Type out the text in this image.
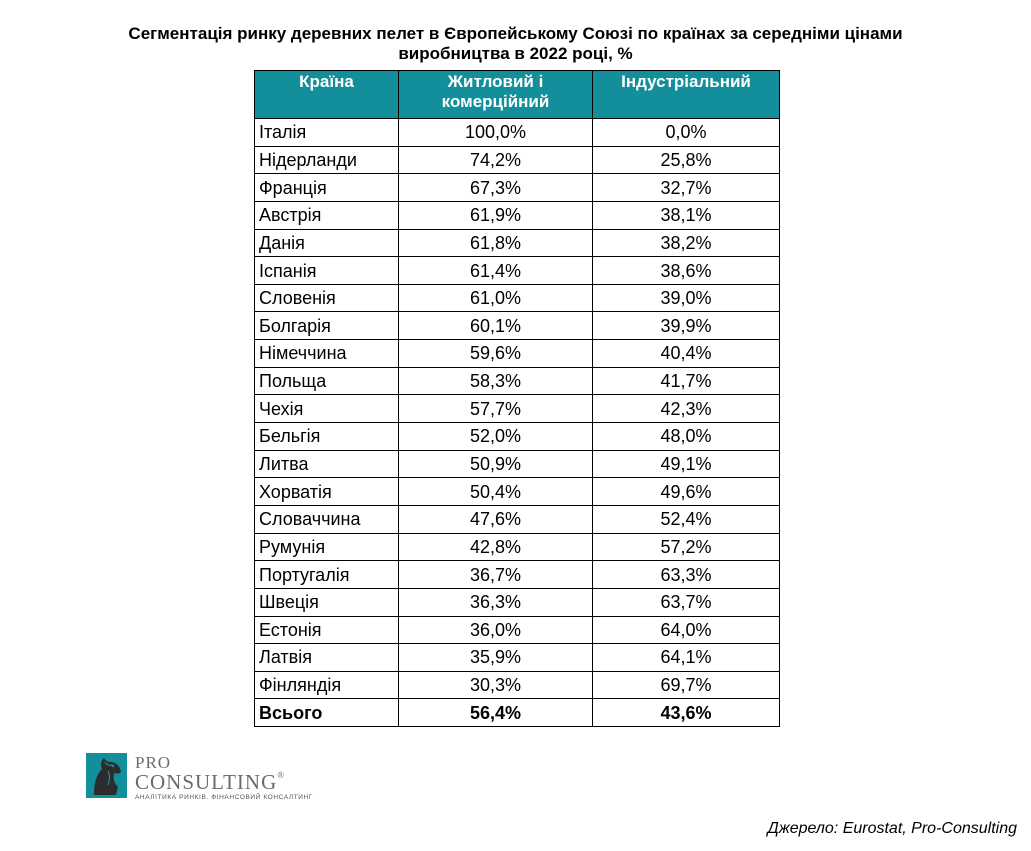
Сегментація ринку деревних пелет в Європейському Союзі по країнах за середніми цінами
виробництва в 2022 році, %
Країна	Житловий і комерційний	Індустріальний
Італія	100,0%	0,0%
Нідерланди	74,2%	25,8%
Франція	67,3%	32,7%
Австрія	61,9%	38,1%
Данія	61,8%	38,2%
Іспанія	61,4%	38,6%
Словенія	61,0%	39,0%
Болгарія	60,1%	39,9%
Німеччина	59,6%	40,4%
Польща	58,3%	41,7%
Чехія	57,7%	42,3%
Бельгія	52,0%	48,0%
Литва	50,9%	49,1%
Хорватія	50,4%	49,6%
Словаччина	47,6%	52,4%
Румунія	42,8%	57,2%
Португалія	36,7%	63,3%
Швеція	36,3%	63,7%
Естонія	36,0%	64,0%
Латвія	35,9%	64,1%
Фінляндія	30,3%	69,7%
Всього	56,4%	43,6%
PRO
CONSULTING®
АНАЛІТИКА РИНКІВ. ФІНАНСОВИЙ КОНСАЛТИНГ
Джерело: Eurostat, Pro-Consulting
